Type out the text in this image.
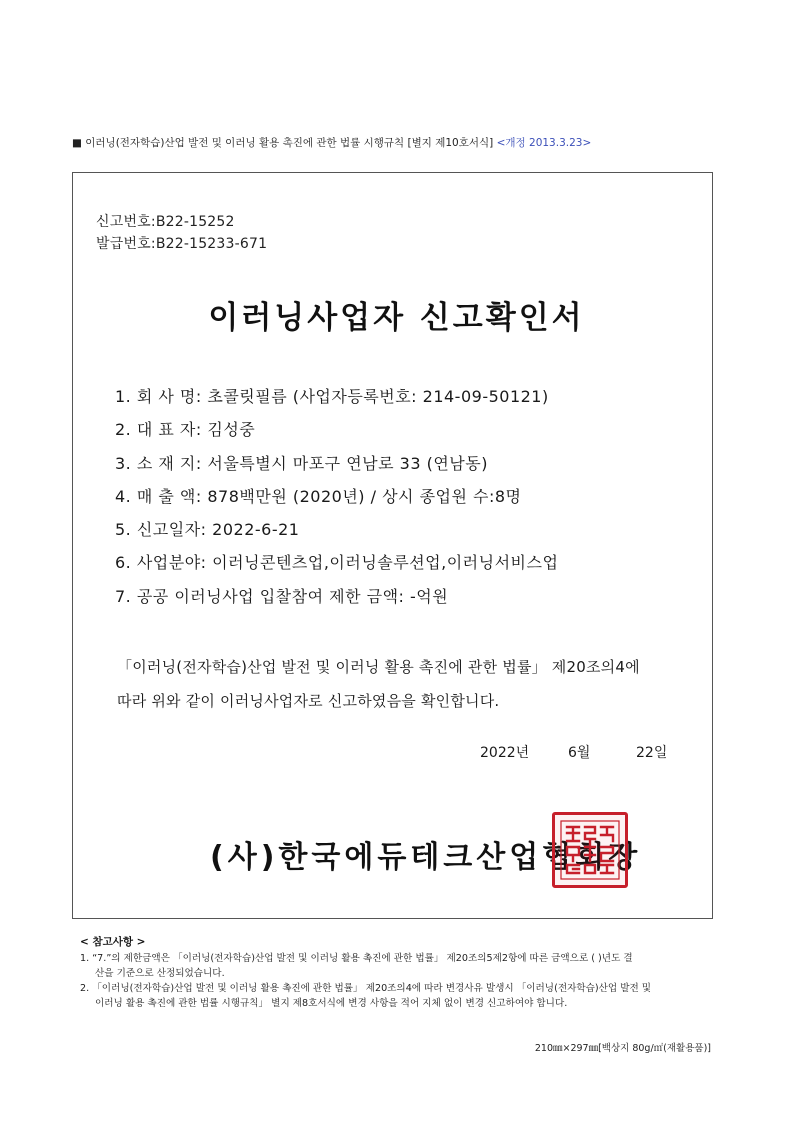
■ 이러닝(전자학습)산업 발전 및 이러닝 활용 촉진에 관한 법률 시행규칙 [별지 제10호서식] <개정 2013.3.23>
신고번호:B22-15252
발급번호:B22-15233-671
이러닝사업자 신고확인서
1. 회 사 명: 초콜릿필름 (사업자등록번호: 214-09-50121)
2. 대 표 자: 김성중
3. 소 재 지: 서울특별시 마포구 연남로 33 (연남동)
4. 매 출 액: 878백만원 (2020년) / 상시 종업원 수:8명
5. 신고일자: 2022-6-21
6. 사업분야: 이러닝콘텐츠업,이러닝솔루션업,이러닝서비스업
7. 공공 이러닝사업 입찰참여 제한 금액: -억원
「이러닝(전자학습)산업 발전 및 이러닝 활용 촉진에 관한 법률」 제20조의4에
따라 위와 같이 이러닝사업자로 신고하였음을 확인합니다.
2022년	6월	22일
(사)한국에듀테크산업협회장
< 참고사항 >
1. “7.”의 제한금액은 「이러닝(전자학습)산업 발전 및 이러닝 활용 촉진에 관한 법률」 제20조의5제2항에 따른 금액으로 ( )년도 결
산을 기준으로 산정되었습니다.
2. 「이러닝(전자학습)산업 발전 및 이러닝 활용 촉진에 관한 법률」 제20조의4에 따라 변경사유 발생시 「이러닝(전자학습)산업 발전 및
이러닝 활용 촉진에 관한 법률 시행규칙」 별지 제8호서식에 변경 사항을 적어 지체 없이 변경 신고하여야 합니다.
210㎜×297㎜[백상지 80g/㎡(재활용품)]
